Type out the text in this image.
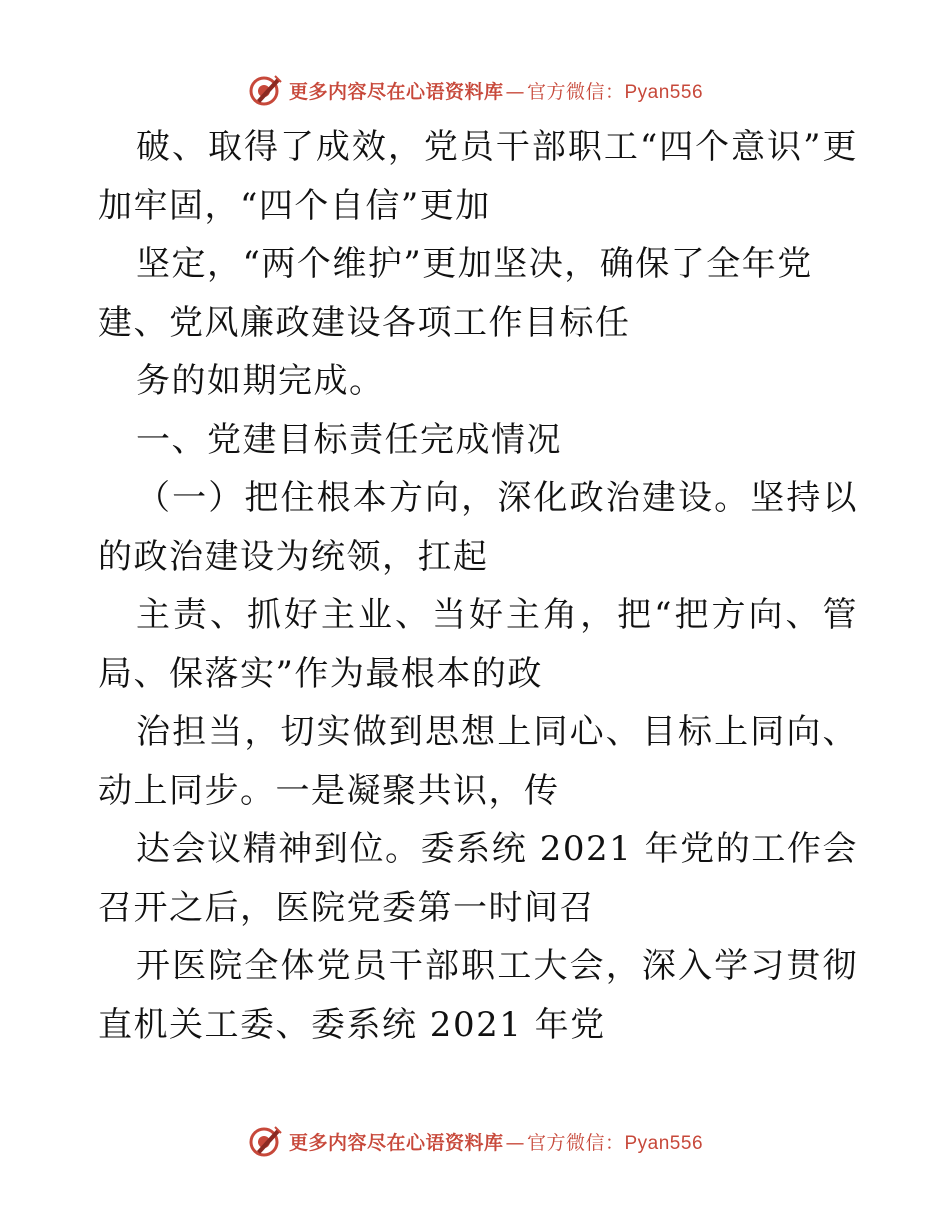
更多内容尽在心语资料库 — 官方微信： Pyan556
破、取得了成效，党员干部职工“四个意识”更
加牢固，“四个自信”更加
坚定，“两个维护”更加坚决，确保了全年党
建、党风廉政建设各项工作目标任
务的如期完成。
一、党建目标责任完成情况
（一）把住根本方向，深化政治建设。坚持以
的政治建设为统领，扛起
主责、抓好主业、当好主角，把“把方向、管
局、保落实”作为最根本的政
治担当，切实做到思想上同心、目标上同向、
动上同步。一是凝聚共识，传
达会议精神到位。委系统 2021 年党的工作会
召开之后，医院党委第一时间召
开医院全体党员干部职工大会，深入学习贯彻
直机关工委、委系统 2021 年党
更多内容尽在心语资料库 — 官方微信： Pyan556
